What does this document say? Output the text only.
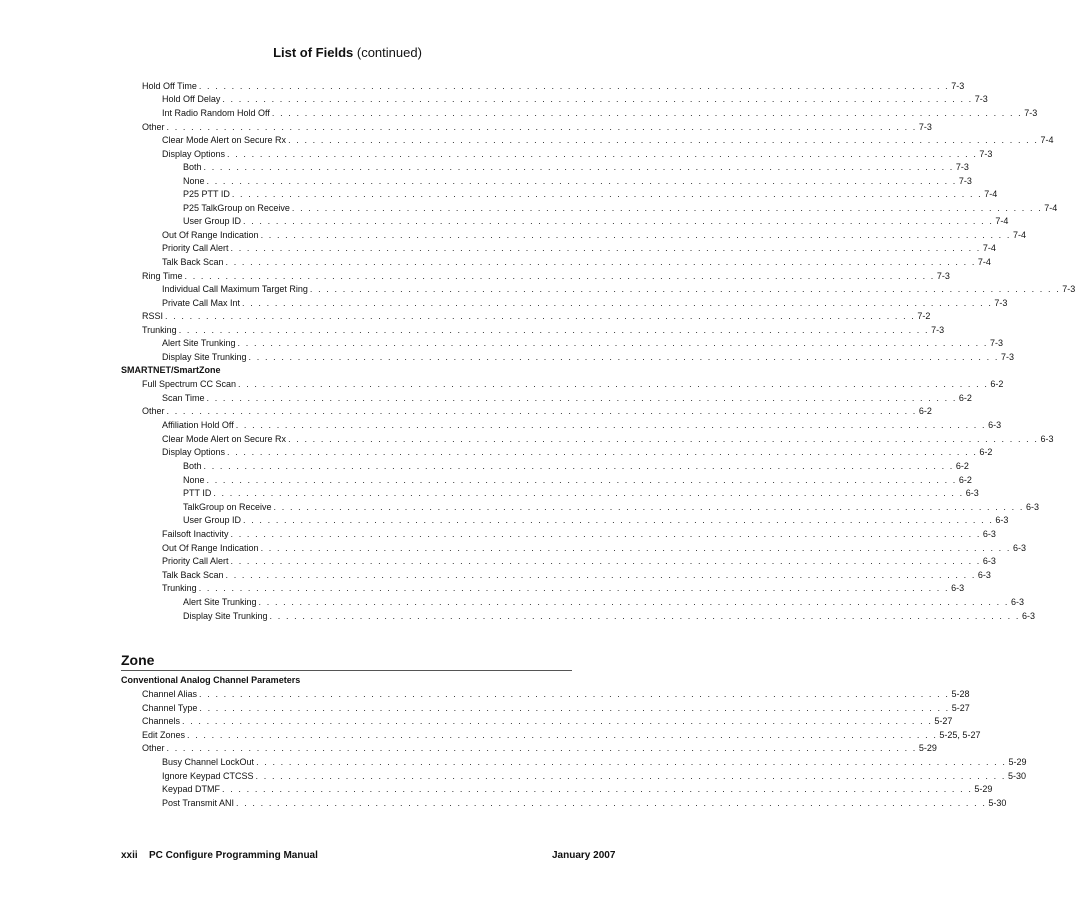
List of Fields (continued)
Hold Off Time . . . . . . . . . . . . . . . . . . . . . . . . . . . . . . . . . . . . . . . . . . . . . . . . . . . . . . . . . . . . . . . . . . . . . . . . . . . . . . . . . . . . . . . . . . . . 7-3
Hold Off Delay . . . . . . . . . . . . . . . . . . . . . . . . . . . . . . . . . . . . . . . . . . . . . . . . . . . . . . . . . . . . . . . . . . . . . . . . . . . . . . . . . . . . . . . . . . . . 7-3
Int Radio Random Hold Off . . . . . . . . . . . . . . . . . . . . . . . . . . . . . . . . . . . . . . . . . . . . . . . . . . . . . . . . . . . . . . . . . . . . . . . . . . . . . . . . . . . . . . . . . . . . 7-3
Other . . . . . . . . . . . . . . . . . . . . . . . . . . . . . . . . . . . . . . . . . . . . . . . . . . . . . . . . . . . . . . . . . . . . . . . . . . . . . . . . . . . . . . . . . . . . 7-3
Clear Mode Alert on Secure Rx . . . . . . . . . . . . . . . . . . . . . . . . . . . . . . . . . . . . . . . . . . . . . . . . . . . . . . . . . . . . . . . . . . . . . . . . . . . . . . . . . . . . . . . . . . . . 7-4
Display Options . . . . . . . . . . . . . . . . . . . . . . . . . . . . . . . . . . . . . . . . . . . . . . . . . . . . . . . . . . . . . . . . . . . . . . . . . . . . . . . . . . . . . . . . . . . . 7-3
Both . . . . . . . . . . . . . . . . . . . . . . . . . . . . . . . . . . . . . . . . . . . . . . . . . . . . . . . . . . . . . . . . . . . . . . . . . . . . . . . . . . . . . . . . . . . . 7-3
None . . . . . . . . . . . . . . . . . . . . . . . . . . . . . . . . . . . . . . . . . . . . . . . . . . . . . . . . . . . . . . . . . . . . . . . . . . . . . . . . . . . . . . . . . . . . 7-3
P25 PTT ID . . . . . . . . . . . . . . . . . . . . . . . . . . . . . . . . . . . . . . . . . . . . . . . . . . . . . . . . . . . . . . . . . . . . . . . . . . . . . . . . . . . . . . . . . . . . 7-4
P25 TalkGroup on Receive . . . . . . . . . . . . . . . . . . . . . . . . . . . . . . . . . . . . . . . . . . . . . . . . . . . . . . . . . . . . . . . . . . . . . . . . . . . . . . . . . . . . . . . . . . . . 7-4
User Group ID . . . . . . . . . . . . . . . . . . . . . . . . . . . . . . . . . . . . . . . . . . . . . . . . . . . . . . . . . . . . . . . . . . . . . . . . . . . . . . . . . . . . . . . . . . . . 7-4
Out Of Range Indication . . . . . . . . . . . . . . . . . . . . . . . . . . . . . . . . . . . . . . . . . . . . . . . . . . . . . . . . . . . . . . . . . . . . . . . . . . . . . . . . . . . . . . . . . . . . 7-4
Priority Call Alert . . . . . . . . . . . . . . . . . . . . . . . . . . . . . . . . . . . . . . . . . . . . . . . . . . . . . . . . . . . . . . . . . . . . . . . . . . . . . . . . . . . . . . . . . . . . 7-4
Talk Back Scan . . . . . . . . . . . . . . . . . . . . . . . . . . . . . . . . . . . . . . . . . . . . . . . . . . . . . . . . . . . . . . . . . . . . . . . . . . . . . . . . . . . . . . . . . . . . 7-4
Ring Time . . . . . . . . . . . . . . . . . . . . . . . . . . . . . . . . . . . . . . . . . . . . . . . . . . . . . . . . . . . . . . . . . . . . . . . . . . . . . . . . . . . . . . . . . . . . 7-3
Individual Call Maximum Target Ring . . . . . . . . . . . . . . . . . . . . . . . . . . . . . . . . . . . . . . . . . . . . . . . . . . . . . . . . . . . . . . . . . . . . . . . . . . . . . . . . . . . . . . . . . . . . 7-3
Private Call Max Int . . . . . . . . . . . . . . . . . . . . . . . . . . . . . . . . . . . . . . . . . . . . . . . . . . . . . . . . . . . . . . . . . . . . . . . . . . . . . . . . . . . . . . . . . . . . 7-3
RSSI . . . . . . . . . . . . . . . . . . . . . . . . . . . . . . . . . . . . . . . . . . . . . . . . . . . . . . . . . . . . . . . . . . . . . . . . . . . . . . . . . . . . . . . . . . . . 7-2
Trunking . . . . . . . . . . . . . . . . . . . . . . . . . . . . . . . . . . . . . . . . . . . . . . . . . . . . . . . . . . . . . . . . . . . . . . . . . . . . . . . . . . . . . . . . . . . . 7-3
Alert Site Trunking . . . . . . . . . . . . . . . . . . . . . . . . . . . . . . . . . . . . . . . . . . . . . . . . . . . . . . . . . . . . . . . . . . . . . . . . . . . . . . . . . . . . . . . . . . . . 7-3
Display Site Trunking . . . . . . . . . . . . . . . . . . . . . . . . . . . . . . . . . . . . . . . . . . . . . . . . . . . . . . . . . . . . . . . . . . . . . . . . . . . . . . . . . . . . . . . . . . . . 7-3
SMARTNET/SmartZone
Full Spectrum CC Scan . . . . . . . . . . . . . . . . . . . . . . . . . . . . . . . . . . . . . . . . . . . . . . . . . . . . . . . . . . . . . . . . . . . . . . . . . . . . . . . . . . . . . . . . . . . . 6-2
Scan Time . . . . . . . . . . . . . . . . . . . . . . . . . . . . . . . . . . . . . . . . . . . . . . . . . . . . . . . . . . . . . . . . . . . . . . . . . . . . . . . . . . . . . . . . . . . . 6-2
Other . . . . . . . . . . . . . . . . . . . . . . . . . . . . . . . . . . . . . . . . . . . . . . . . . . . . . . . . . . . . . . . . . . . . . . . . . . . . . . . . . . . . . . . . . . . . 6-2
Affiliation Hold Off . . . . . . . . . . . . . . . . . . . . . . . . . . . . . . . . . . . . . . . . . . . . . . . . . . . . . . . . . . . . . . . . . . . . . . . . . . . . . . . . . . . . . . . . . . . . 6-3
Clear Mode Alert on Secure Rx . . . . . . . . . . . . . . . . . . . . . . . . . . . . . . . . . . . . . . . . . . . . . . . . . . . . . . . . . . . . . . . . . . . . . . . . . . . . . . . . . . . . . . . . . . . . 6-3
Display Options . . . . . . . . . . . . . . . . . . . . . . . . . . . . . . . . . . . . . . . . . . . . . . . . . . . . . . . . . . . . . . . . . . . . . . . . . . . . . . . . . . . . . . . . . . . . 6-2
Both . . . . . . . . . . . . . . . . . . . . . . . . . . . . . . . . . . . . . . . . . . . . . . . . . . . . . . . . . . . . . . . . . . . . . . . . . . . . . . . . . . . . . . . . . . . . 6-2
None . . . . . . . . . . . . . . . . . . . . . . . . . . . . . . . . . . . . . . . . . . . . . . . . . . . . . . . . . . . . . . . . . . . . . . . . . . . . . . . . . . . . . . . . . . . . 6-2
PTT ID . . . . . . . . . . . . . . . . . . . . . . . . . . . . . . . . . . . . . . . . . . . . . . . . . . . . . . . . . . . . . . . . . . . . . . . . . . . . . . . . . . . . . . . . . . . . 6-3
TalkGroup on Receive . . . . . . . . . . . . . . . . . . . . . . . . . . . . . . . . . . . . . . . . . . . . . . . . . . . . . . . . . . . . . . . . . . . . . . . . . . . . . . . . . . . . . . . . . . . . 6-3
User Group ID . . . . . . . . . . . . . . . . . . . . . . . . . . . . . . . . . . . . . . . . . . . . . . . . . . . . . . . . . . . . . . . . . . . . . . . . . . . . . . . . . . . . . . . . . . . . 6-3
Failsoft Inactivity . . . . . . . . . . . . . . . . . . . . . . . . . . . . . . . . . . . . . . . . . . . . . . . . . . . . . . . . . . . . . . . . . . . . . . . . . . . . . . . . . . . . . . . . . . . . 6-3
Out Of Range Indication . . . . . . . . . . . . . . . . . . . . . . . . . . . . . . . . . . . . . . . . . . . . . . . . . . . . . . . . . . . . . . . . . . . . . . . . . . . . . . . . . . . . . . . . . . . . 6-3
Priority Call Alert . . . . . . . . . . . . . . . . . . . . . . . . . . . . . . . . . . . . . . . . . . . . . . . . . . . . . . . . . . . . . . . . . . . . . . . . . . . . . . . . . . . . . . . . . . . . 6-3
Talk Back Scan . . . . . . . . . . . . . . . . . . . . . . . . . . . . . . . . . . . . . . . . . . . . . . . . . . . . . . . . . . . . . . . . . . . . . . . . . . . . . . . . . . . . . . . . . . . . 6-3
Trunking . . . . . . . . . . . . . . . . . . . . . . . . . . . . . . . . . . . . . . . . . . . . . . . . . . . . . . . . . . . . . . . . . . . . . . . . . . . . . . . . . . . . . . . . . . . . 6-3
Alert Site Trunking . . . . . . . . . . . . . . . . . . . . . . . . . . . . . . . . . . . . . . . . . . . . . . . . . . . . . . . . . . . . . . . . . . . . . . . . . . . . . . . . . . . . . . . . . . . . 6-3
Display Site Trunking . . . . . . . . . . . . . . . . . . . . . . . . . . . . . . . . . . . . . . . . . . . . . . . . . . . . . . . . . . . . . . . . . . . . . . . . . . . . . . . . . . . . . . . . . . . . 6-3
Channel Alias . . . . . . . . . . . . . . . . . . . . . . . . . . . . . . . . . . . . . . . . . . . . . . . . . . . . . . . . . . . . . . . . . . . . . . . . . . . . . . . . . . . . . . . . . . . . 5-28
Channel Type . . . . . . . . . . . . . . . . . . . . . . . . . . . . . . . . . . . . . . . . . . . . . . . . . . . . . . . . . . . . . . . . . . . . . . . . . . . . . . . . . . . . . . . . . . . . 5-27
Channels . . . . . . . . . . . . . . . . . . . . . . . . . . . . . . . . . . . . . . . . . . . . . . . . . . . . . . . . . . . . . . . . . . . . . . . . . . . . . . . . . . . . . . . . . . . . 5-27
Edit Zones . . . . . . . . . . . . . . . . . . . . . . . . . . . . . . . . . . . . . . . . . . . . . . . . . . . . . . . . . . . . . . . . . . . . . . . . . . . . . . . . . . . . . . . . . . . . 5-25, 5-27
Other . . . . . . . . . . . . . . . . . . . . . . . . . . . . . . . . . . . . . . . . . . . . . . . . . . . . . . . . . . . . . . . . . . . . . . . . . . . . . . . . . . . . . . . . . . . . 5-29
Busy Channel LockOut . . . . . . . . . . . . . . . . . . . . . . . . . . . . . . . . . . . . . . . . . . . . . . . . . . . . . . . . . . . . . . . . . . . . . . . . . . . . . . . . . . . . . . . . . . . . 5-29
Ignore Keypad CTCSS . . . . . . . . . . . . . . . . . . . . . . . . . . . . . . . . . . . . . . . . . . . . . . . . . . . . . . . . . . . . . . . . . . . . . . . . . . . . . . . . . . . . . . . . . . . . 5-30
Keypad DTMF . . . . . . . . . . . . . . . . . . . . . . . . . . . . . . . . . . . . . . . . . . . . . . . . . . . . . . . . . . . . . . . . . . . . . . . . . . . . . . . . . . . . . . . . . . . . 5-29
Post Transmit ANI . . . . . . . . . . . . . . . . . . . . . . . . . . . . . . . . . . . . . . . . . . . . . . . . . . . . . . . . . . . . . . . . . . . . . . . . . . . . . . . . . . . . . . . . . . . . 5-30
Zone
Conventional Analog Channel Parameters
xxii PC Configure Programming Manual	January 2007
